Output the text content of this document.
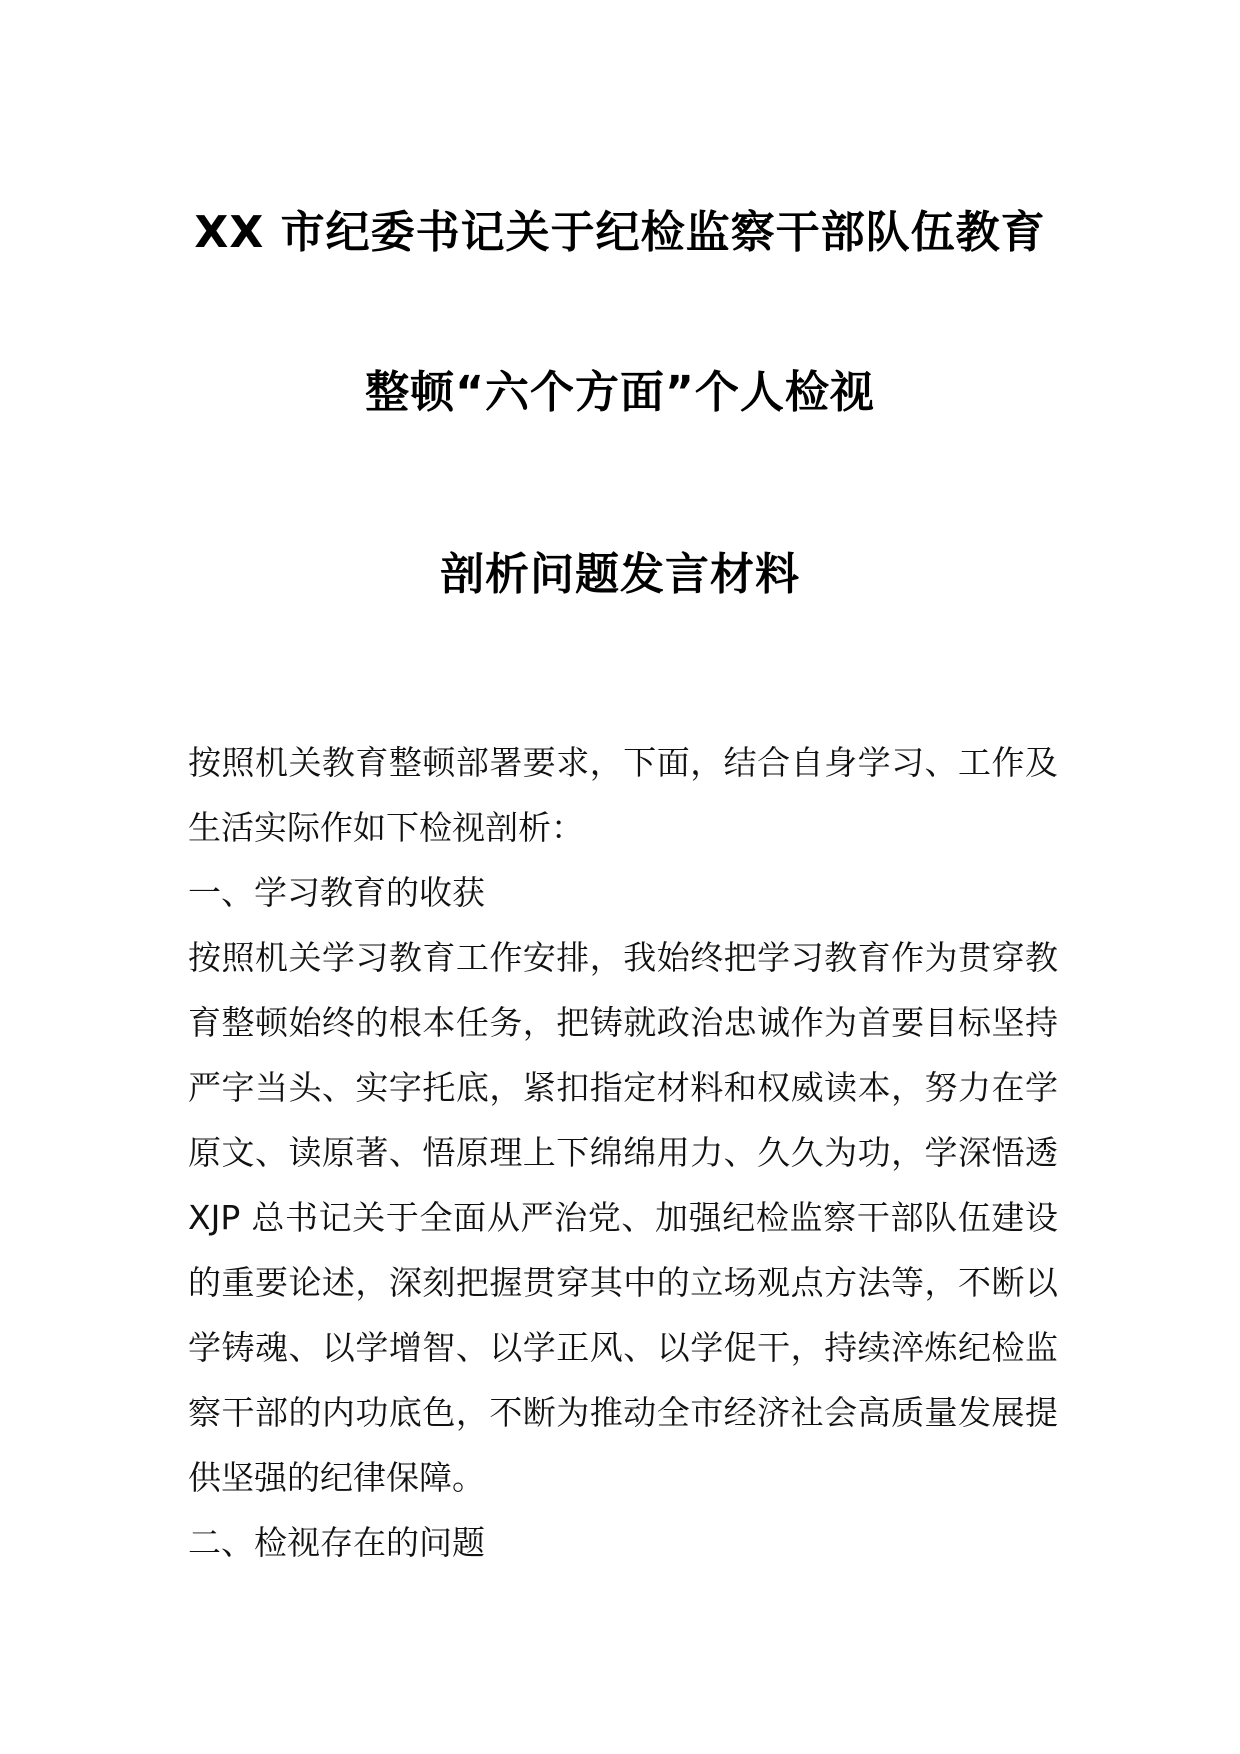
XX 市纪委书记关于纪检监察干部队伍教育
整顿“六个方面”个人检视
剖析问题发言材料

按照机关教育整顿部署要求，下面，结合自身学习、工作及生活实际作如下检视剖析：

一、学习教育的收获

按照机关学习教育工作安排，我始终把学习教育作为贯穿教育整顿始终的根本任务，把铸就政治忠诚作为首要目标坚持严字当头、实字托底，紧扣指定材料和权威读本，努力在学原文、读原著、悟原理上下绵绵用力、久久为功，学深悟透 XJP 总书记关于全面从严治党、加强纪检监察干部队伍建设的重要论述，深刻把握贯穿其中的立场观点方法等，不断以学铸魂、以学增智、以学正风、以学促干，持续淬炼纪检监察干部的内功底色，不断为推动全市经济社会高质量发展提供坚强的纪律保障。

二、检视存在的问题
